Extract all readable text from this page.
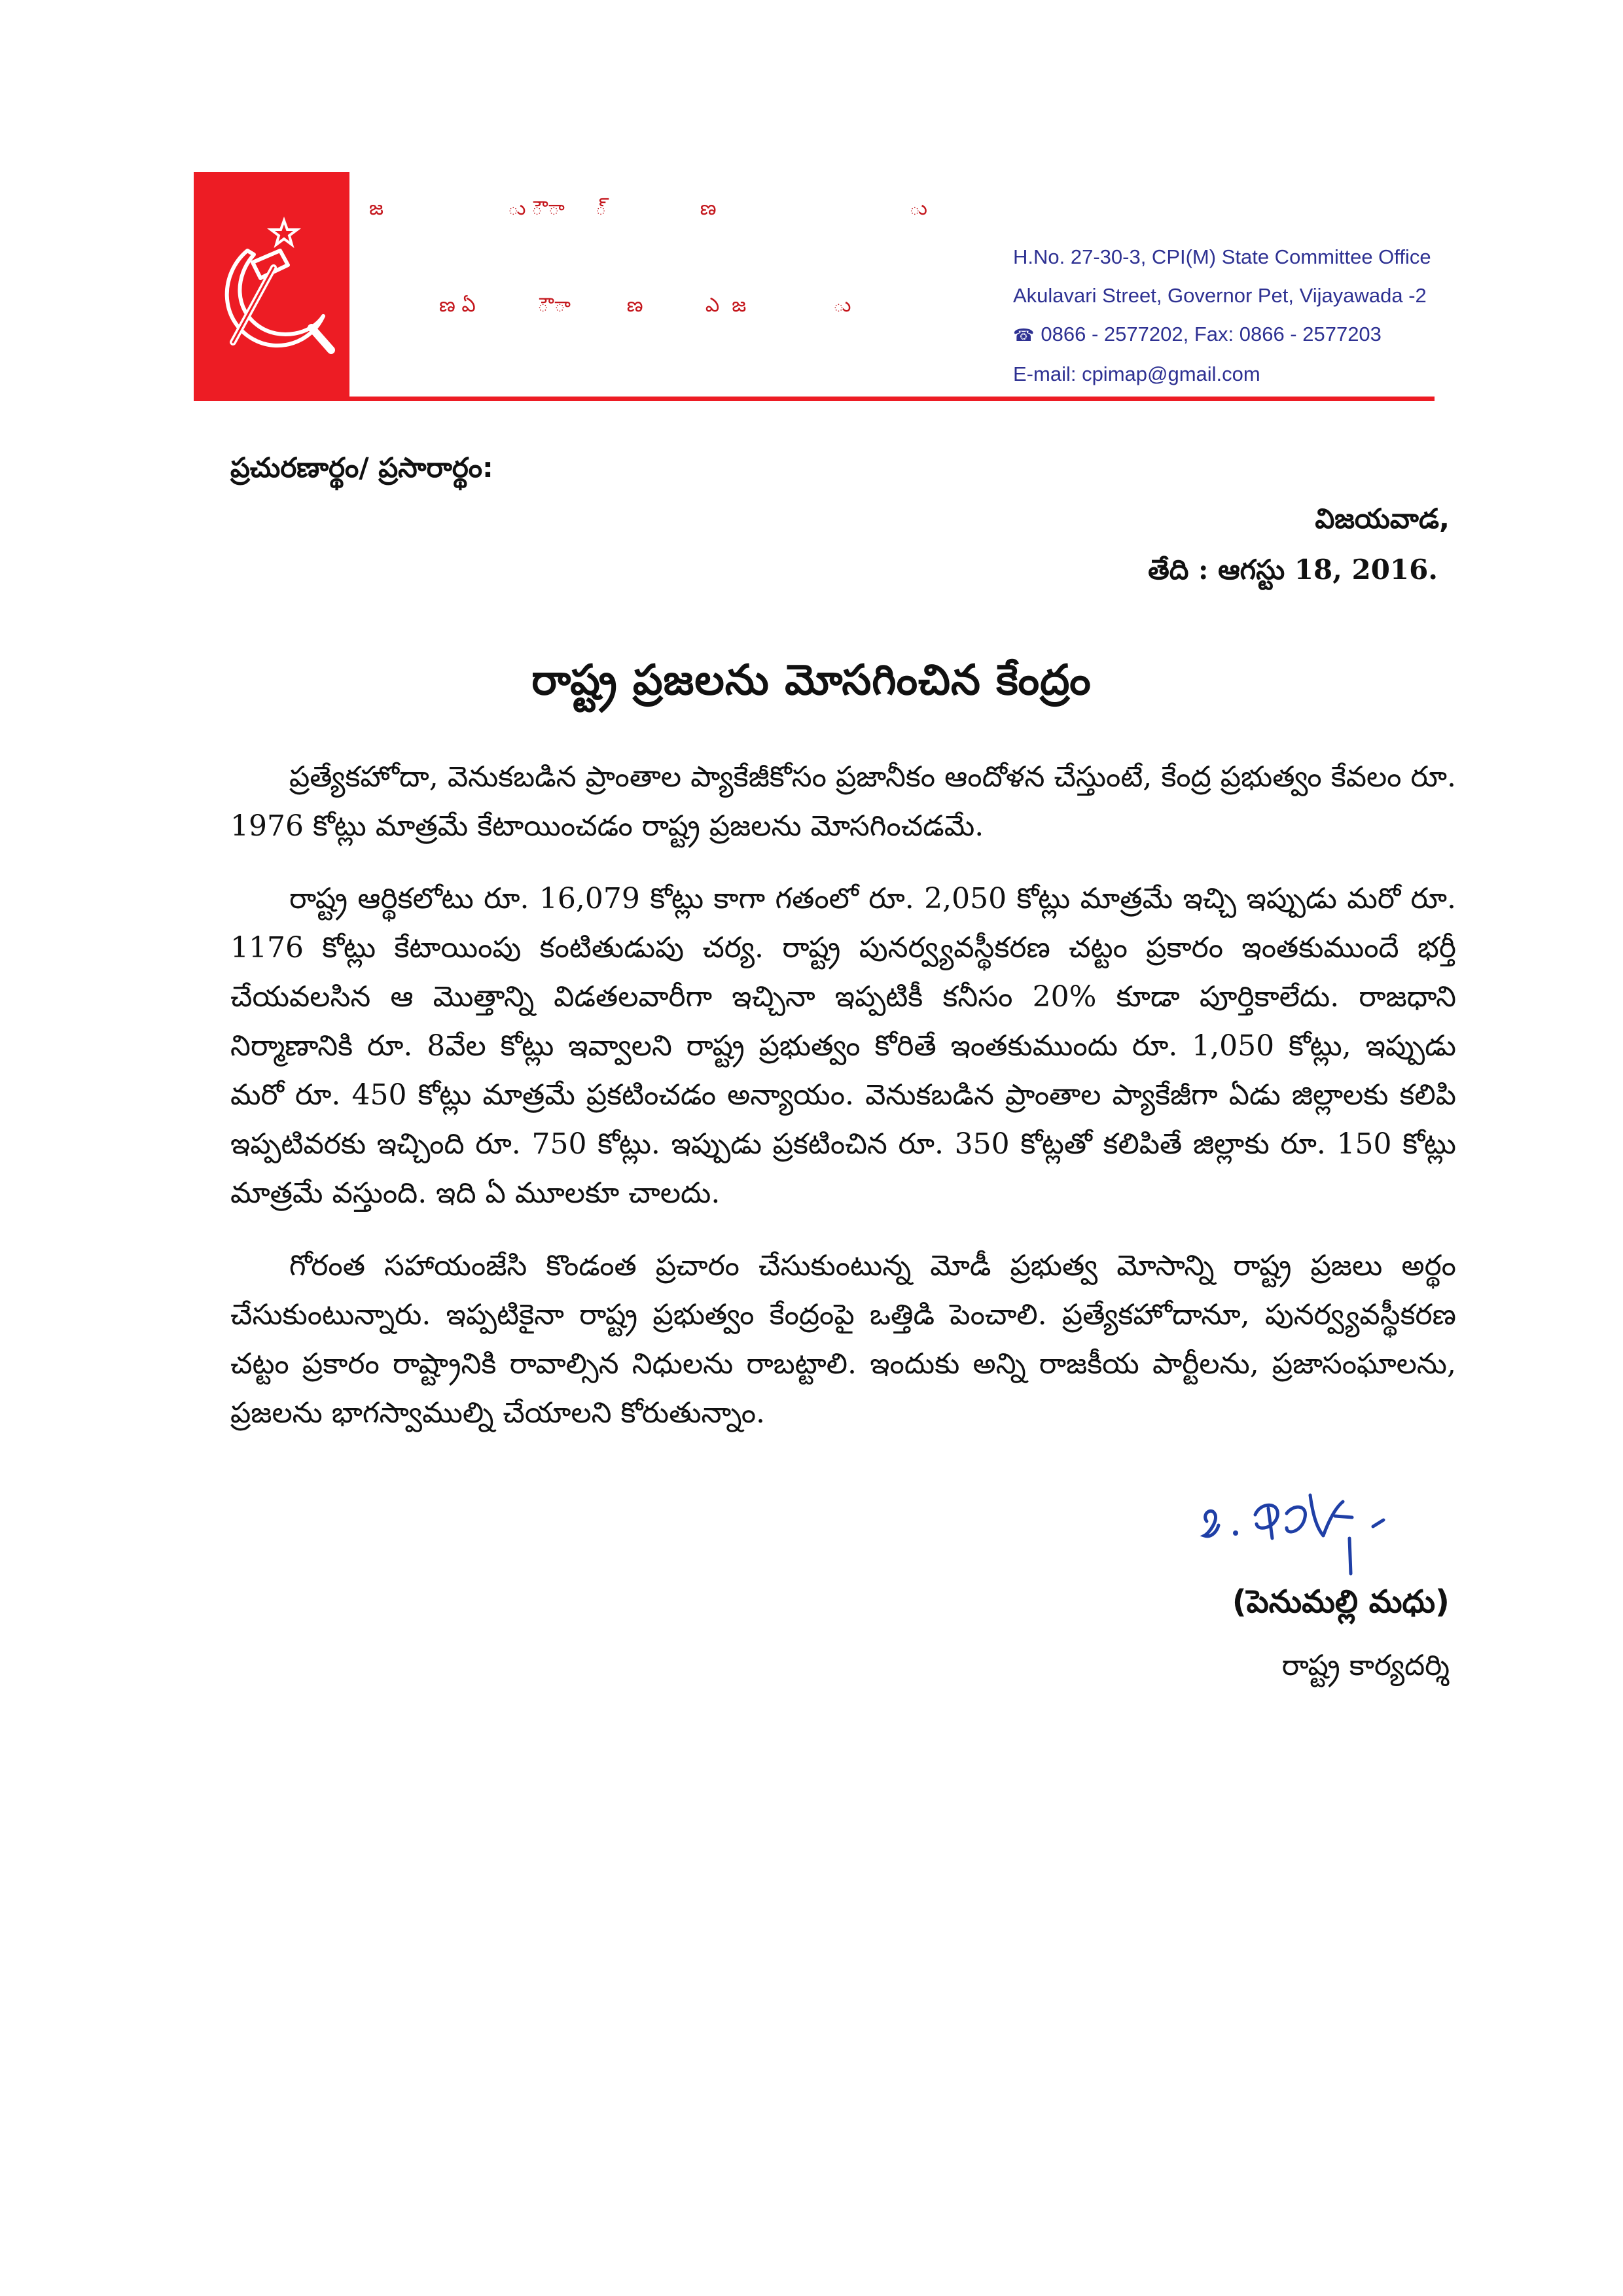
జ                    ు ౌ ా     ్               ణ                               ు
ణ ఏ          ౌ ా         ణ          ఎ  జ              ు
H.No. 27-30-3, CPI(M) State Committee Office
Akulavari Street, Governor Pet, Vijayawada -2
☎ 0866 - 2577202, Fax: 0866 - 2577203
E-mail: cpimap@gmail.com
ప్రచురణార్థం/ ప్రసారార్థం:
విజయవాడ,
తేది : ఆగస్టు 18, 2016.
రాష్ట్ర ప్రజలను మోసగించిన కేంద్రం

ప్రత్యేకహోదా, వెనుకబడిన ప్రాంతాల ప్యాకేజీకోసం ప్రజానీకం ఆందోళన చేస్తుంటే, కేంద్ర ప్రభుత్వం కేవలం రూ. 1976 కోట్లు మాత్రమే కేటాయించడం రాష్ట్ర ప్రజలను మోసగించడమే.

రాష్ట్ర ఆర్థికలోటు రూ. 16,079 కోట్లు కాగా గతంలో రూ. 2,050 కోట్లు మాత్రమే ఇచ్చి ఇప్పుడు మరో రూ. 1176 కోట్లు కేటాయింపు కంటితుడుపు చర్య. రాష్ట్ర పునర్వ్యవస్థీకరణ చట్టం ప్రకారం ఇంతకుముందే భర్తీ చేయవలసిన ఆ మొత్తాన్ని విడతలవారీగా ఇచ్చినా ఇప్పటికీ కనీసం 20% కూడా పూర్తికాలేదు. రాజధాని నిర్మాణానికి రూ. 8వేల కోట్లు ఇవ్వాలని రాష్ట్ర ప్రభుత్వం కోరితే ఇంతకుముందు రూ. 1,050 కోట్లు, ఇప్పుడు మరో రూ. 450 కోట్లు మాత్రమే ప్రకటించడం అన్యాయం. వెనుకబడిన ప్రాంతాల ప్యాకేజీగా ఏడు జిల్లాలకు కలిపి ఇప్పటివరకు ఇచ్చింది రూ. 750 కోట్లు. ఇప్పుడు ప్రకటించిన రూ. 350 కోట్లతో కలిపితే జిల్లాకు రూ. 150 కోట్లు మాత్రమే వస్తుంది. ఇది ఏ మూలకూ చాలదు.

గోరంత సహాయంజేసి కొండంత ప్రచారం చేసుకుంటున్న మోడీ ప్రభుత్వ మోసాన్ని రాష్ట్ర ప్రజలు అర్థం చేసుకుంటున్నారు. ఇప్పటికైనా రాష్ట్ర ప్రభుత్వం కేంద్రంపై ఒత్తిడి పెంచాలి. ప్రత్యేకహోదానూ, పునర్వ్యవస్థీకరణ చట్టం ప్రకారం రాష్ట్రానికి రావాల్సిన నిధులను రాబట్టాలి. ఇందుకు అన్ని రాజకీయ పార్టీలను, ప్రజాసంఘాలను, ప్రజలను భాగస్వాముల్ని చేయాలని కోరుతున్నాం.

(పెనుమల్లి మధు)
రాష్ట్ర కార్యదర్శి
